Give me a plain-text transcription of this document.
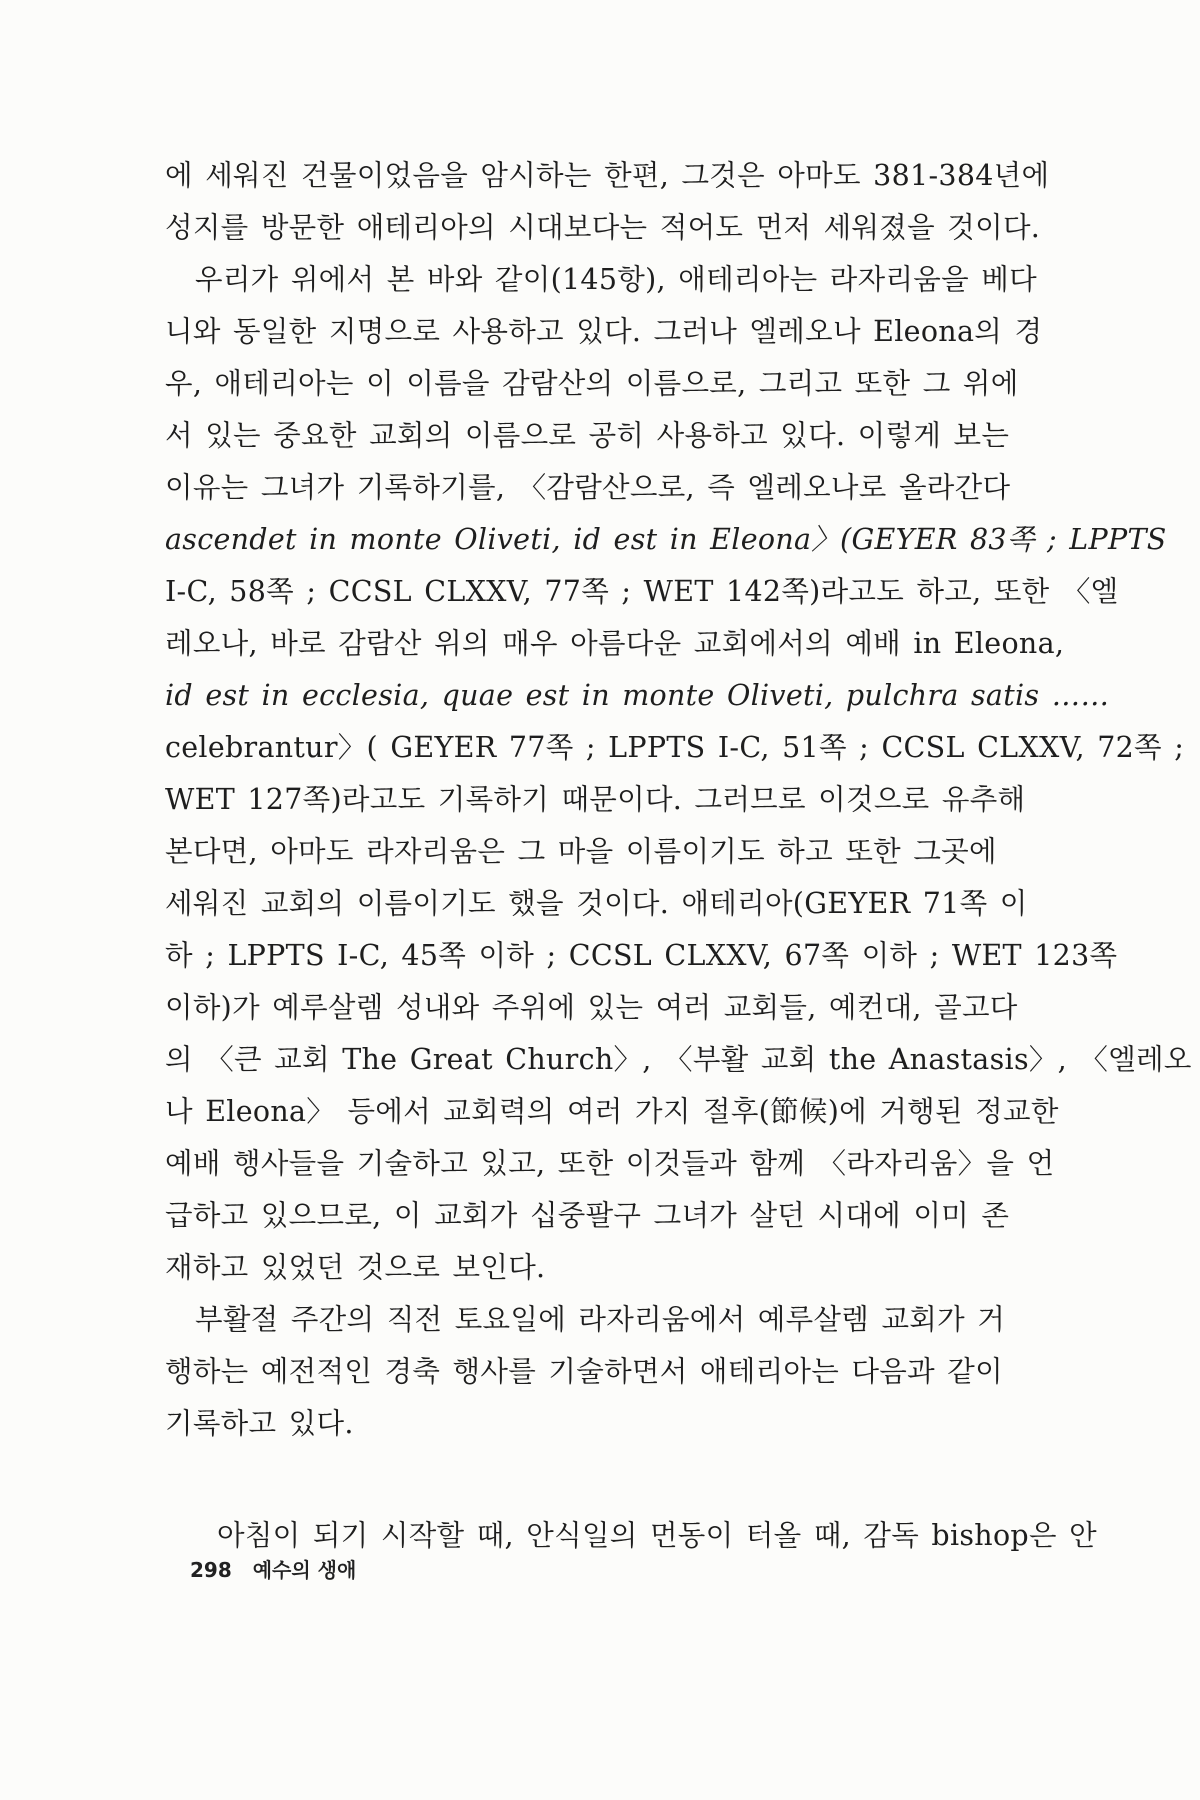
에 세워진 건물이었음을 암시하는 한편, 그것은 아마도 381-384년에
성지를 방문한 애테리아의 시대보다는 적어도 먼저 세워졌을 것이다.
우리가 위에서 본 바와 같이(145항), 애테리아는 라자리움을 베다
니와 동일한 지명으로 사용하고 있다. 그러나 엘레오나 Eleona의 경
우, 애테리아는 이 이름을 감람산의 이름으로, 그리고 또한 그 위에
서 있는 중요한 교회의 이름으로 공히 사용하고 있다. 이렇게 보는
이유는 그녀가 기록하기를, 〈감람산으로, 즉 엘레오나로 올라간다
ascendet in monte Oliveti, id est in Eleona〉(GEYER 83쪽 ; LPPTS
I-C, 58쪽 ; CCSL CLXXV, 77쪽 ; WET 142쪽)라고도 하고, 또한 〈엘
레오나, 바로 감람산 위의 매우 아름다운 교회에서의 예배 in Eleona,
id est in ecclesia, quae est in monte Oliveti, pulchra satis ……
celebrantur〉( GEYER 77쪽 ; LPPTS I-C, 51쪽 ; CCSL CLXXV, 72쪽 ;
WET 127쪽)라고도 기록하기 때문이다. 그러므로 이것으로 유추해
본다면, 아마도 라자리움은 그 마을 이름이기도 하고 또한 그곳에
세워진 교회의 이름이기도 했을 것이다. 애테리아(GEYER 71쪽 이
하 ; LPPTS I-C, 45쪽 이하 ; CCSL CLXXV, 67쪽 이하 ; WET 123쪽
이하)가 예루살렘 성내와 주위에 있는 여러 교회들, 예컨대, 골고다
의 〈큰 교회 The Great Church〉, 〈부활 교회 the Anastasis〉, 〈엘레오
나 Eleona〉 등에서 교회력의 여러 가지 절후(節候)에 거행된 정교한
예배 행사들을 기술하고 있고, 또한 이것들과 함께 〈라자리움〉을 언
급하고 있으므로, 이 교회가 십중팔구 그녀가 살던 시대에 이미 존
재하고 있었던 것으로 보인다.
부활절 주간의 직전 토요일에 라자리움에서 예루살렘 교회가 거
행하는 예전적인 경축 행사를 기술하면서 애테리아는 다음과 같이
기록하고 있다.
아침이 되기 시작할 때, 안식일의 먼동이 터올 때, 감독 bishop은 안
298 예수의 생애
